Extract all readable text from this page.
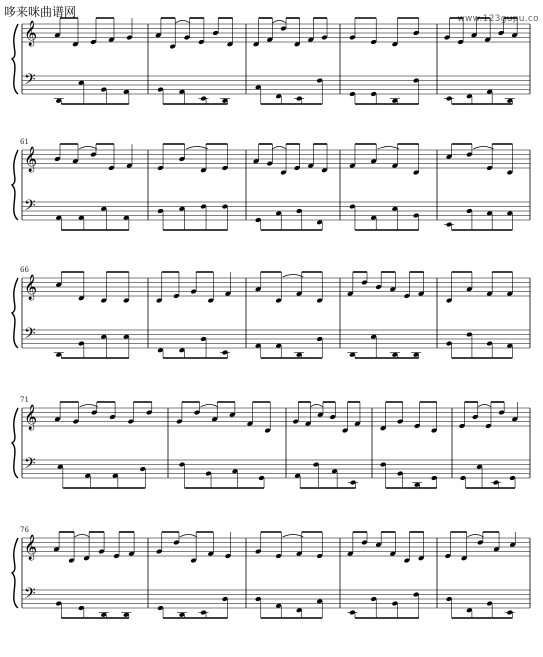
哆来咪曲谱网	www.123gupu.co
61
66
71
76
𝄞
𝄢
𝄞
𝄢
𝄞
𝄢
𝄞
𝄢
𝄞
𝄢
